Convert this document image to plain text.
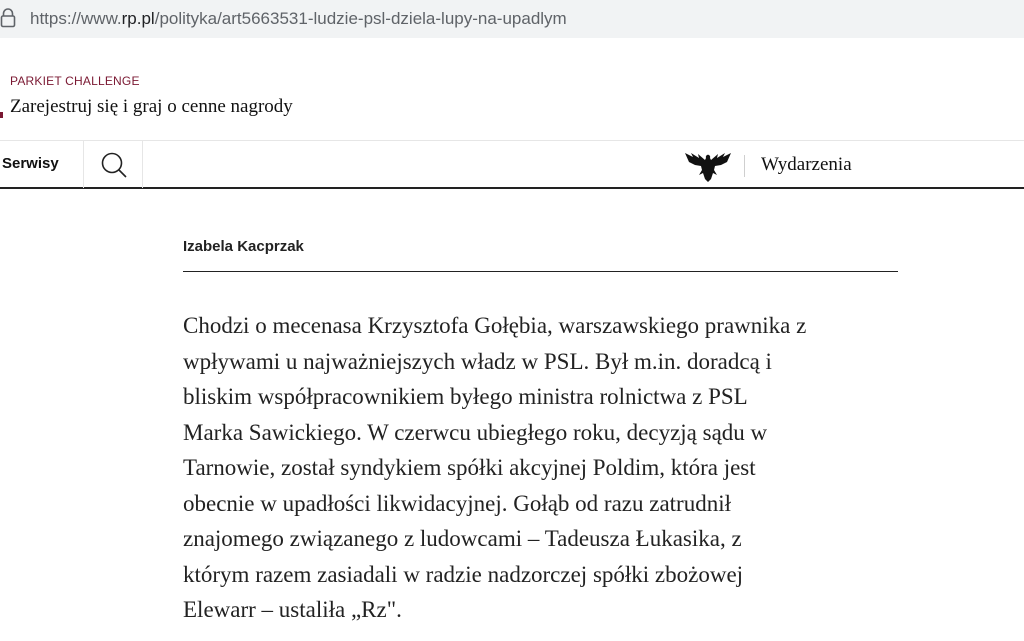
https://www.rp.pl/polityka/art5663531-ludzie-psl-dziela-lupy-na-upadlym
PARKIET CHALLENGE
Zarejestruj się i graj o cenne nagrody
Serwisy	Wydarzenia
Izabela Kacprzak

Chodzi o mecenasa Krzysztofa Gołębia, warszawskiego prawnika z
wpływami u najważniejszych władz w PSL. Był m.in. doradcą i
bliskim współpracownikiem byłego ministra rolnictwa z PSL
Marka Sawickiego. W czerwcu ubiegłego roku, decyzją sądu w
Tarnowie, został syndykiem spółki akcyjnej Poldim, która jest
obecnie w upadłości likwidacyjnej. Gołąb od razu zatrudnił
znajomego związanego z ludowcami – Tadeusza Łukasika, z
którym razem zasiadali w radzie nadzorczej spółki zbożowej
Elewarr – ustaliła „Rz".
